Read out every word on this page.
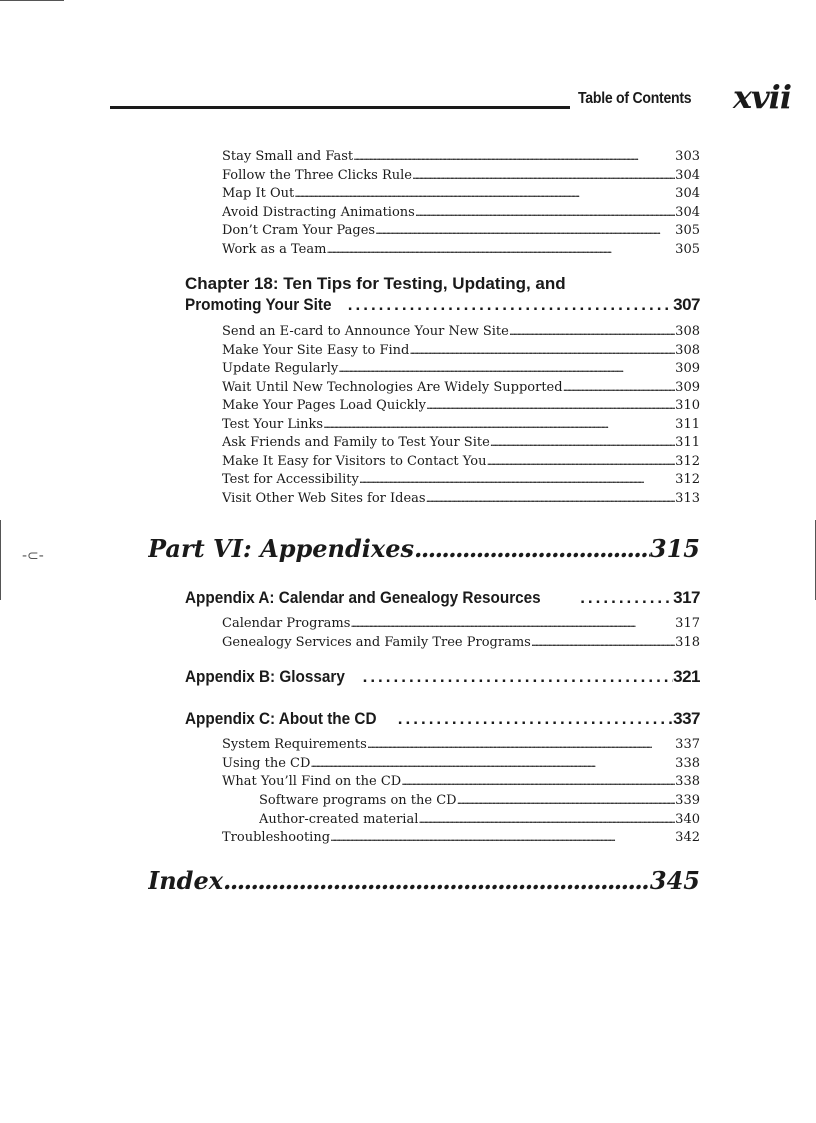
Table of Contents xvii
-⊂-
Stay Small and Fast .....	303
Follow the Three Clicks Rule .....	304
Map It Out .....	304
Avoid Distracting Animations .....	304
Don’t Cram Your Pages .....	305
Work as a Team .....	305
Chapter 18: Ten Tips for Testing, Updating, and
Promoting Your Site .....	307
Send an E-card to Announce Your New Site .....	308
Make Your Site Easy to Find .....	308
Update Regularly .....	309
Wait Until New Technologies Are Widely Supported .....	309
Make Your Pages Load Quickly .....	310
Test Your Links .....	311
Ask Friends and Family to Test Your Site .....	311
Make It Easy for Visitors to Contact You .....	312
Test for Accessibility .....	312
Visit Other Web Sites for Ideas .....	313
Part VI: Appendixes .....	315
Appendix A: Calendar and Genealogy Resources .....	317
Calendar Programs .....	317
Genealogy Services and Family Tree Programs .....	318
Appendix B: Glossary .....	321
Appendix C: About the CD .....	337
System Requirements .....	337
Using the CD .....	338
What You’ll Find on the CD .....	338
Software programs on the CD .....	339
Author-created material .....	340
Troubleshooting .....	342
Index .....	345
